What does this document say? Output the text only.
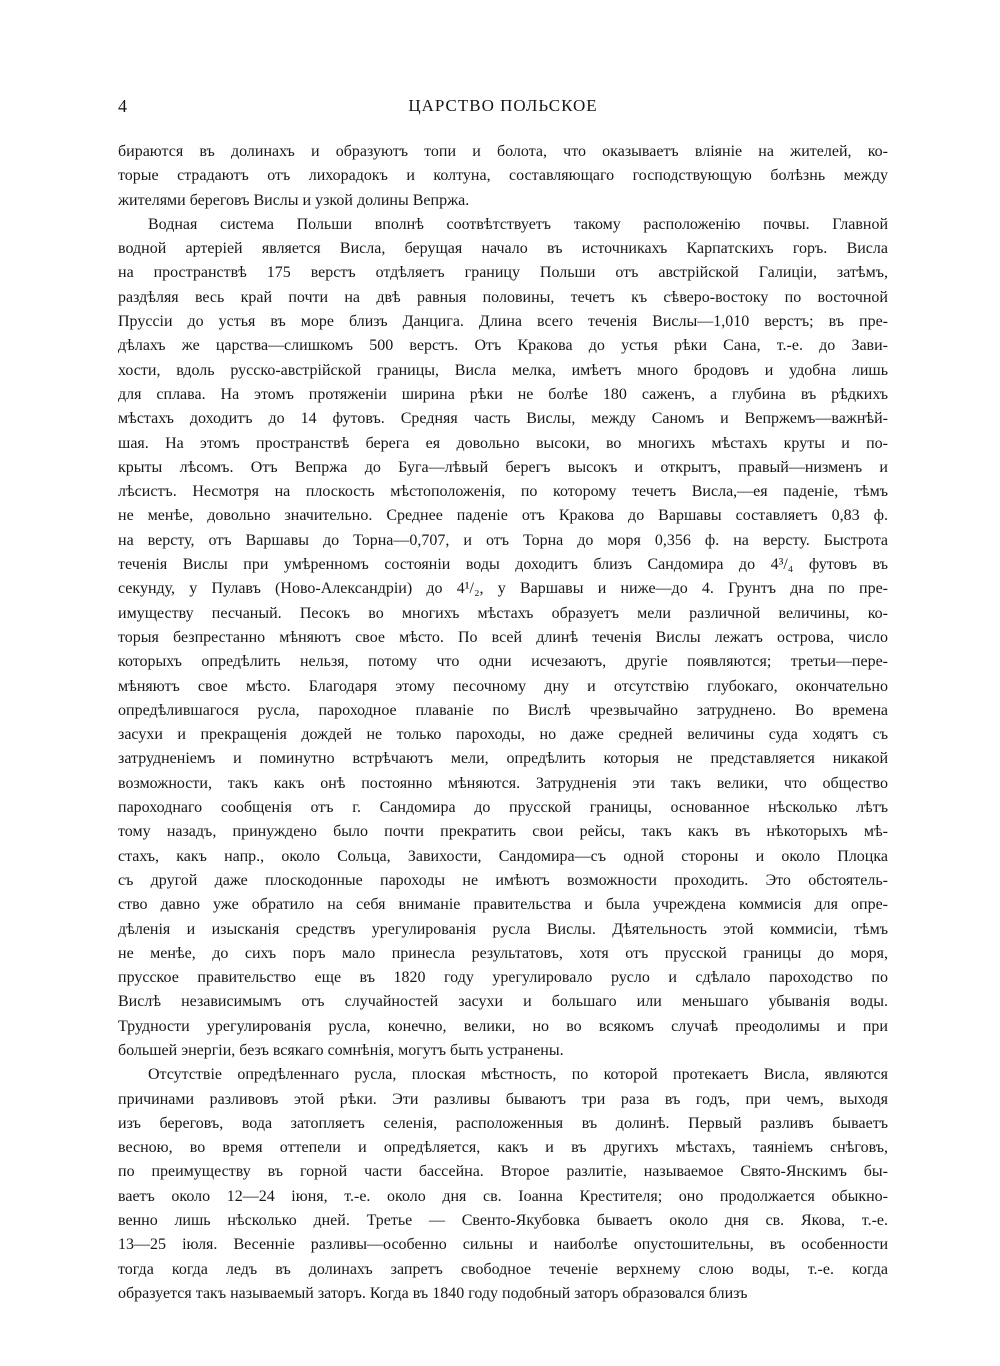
4	ЦАРСТВО ПОЛЬСКОЕ
бираются въ долинахъ и образуютъ топи и болота, что оказываетъ вліяніе на жителей, ко-
торые страдаютъ отъ лихорадокъ и колтуна, составляющаго господствующую болѣзнь между
жителями береговъ Вислы и узкой долины Вепржа.
Водная система Польши вполнѣ соотвѣтствуетъ такому расположенію почвы. Главной
водной артеріей является Висла, берущая начало въ источникахъ Карпатскихъ горъ. Висла
на пространствѣ 175 верстъ отдѣляетъ границу Польши отъ австрійской Галиціи, затѣмъ,
раздѣляя весь край почти на двѣ равныя половины, течетъ къ сѣверо-востоку по восточной
Пруссіи до устья въ море близъ Данцига. Длина всего теченія Вислы—1,010 верстъ; въ пре-
дѣлахъ же царства—слишкомъ 500 верстъ. Отъ Кракова до устья рѣки Сана, т.-е. до Зави-
хости, вдоль русско-австрійской границы, Висла мелка, имѣетъ много бродовъ и удобна лишь
для сплава. На этомъ протяженіи ширина рѣки не болѣе 180 саженъ, а глубина въ рѣдкихъ
мѣстахъ доходитъ до 14 футовъ. Средняя часть Вислы, между Саномъ и Вепржемъ—важнѣй-
шая. На этомъ пространствѣ берега ея довольно высоки, во многихъ мѣстахъ круты и по-
крыты лѣсомъ. Отъ Вепржа до Буга—лѣвый берегъ высокъ и открытъ, правый—низменъ и
лѣсистъ. Несмотря на плоскость мѣстоположенія, по которому течетъ Висла,—ея паденіе, тѣмъ
не менѣе, довольно значительно. Среднее паденіе отъ Кракова до Варшавы составляетъ 0,83 ф.
на версту, отъ Варшавы до Торна—0,707, и отъ Торна до моря 0,356 ф. на версту. Быстрота
теченія Вислы при умѣренномъ состояніи воды доходитъ близъ Сандомира до 4³/₄ футовъ въ
секунду, у Пулавъ (Ново-Александріи) до 4¹/₂, у Варшавы и ниже—до 4. Грунтъ дна по пре-
имуществу песчаный. Песокъ во многихъ мѣстахъ образуетъ мели различной величины, ко-
торыя безпрестанно мѣняютъ свое мѣсто. По всей длинѣ теченія Вислы лежатъ острова, число
которыхъ опредѣлить нельзя, потому что одни исчезаютъ, другіе появляются; третьи—пере-
мѣняютъ свое мѣсто. Благодаря этому песочному дну и отсутствію глубокаго, окончательно
опредѣлившагося русла, пароходное плаваніе по Вислѣ чрезвычайно затруднено. Во времена
засухи и прекращенія дождей не только пароходы, но даже средней величины суда ходятъ съ
затрудненіемъ и поминутно встрѣчаютъ мели, опредѣлить которыя не представляется никакой
возможности, такъ какъ онѣ постоянно мѣняются. Затрудненія эти такъ велики, что общество
пароходнаго сообщенія отъ г. Сандомира до прусской границы, основанное нѣсколько лѣтъ
тому назадъ, принуждено было почти прекратить свои рейсы, такъ какъ въ нѣкоторыхъ мѣ-
стахъ, какъ напр., около Сольца, Завихости, Сандомира—съ одной стороны и около Плоцка
съ другой даже плоскодонные пароходы не имѣютъ возможности проходить. Это обстоятель-
ство давно уже обратило на себя вниманіе правительства и была учреждена коммисія для опре-
дѣленія и изысканія средствъ урегулированія русла Вислы. Дѣятельность этой коммисіи, тѣмъ
не менѣе, до сихъ поръ мало принесла результатовъ, хотя отъ прусской границы до моря,
прусское правительство еще въ 1820 году урегулировало русло и сдѣлало пароходство по
Вислѣ независимымъ отъ случайностей засухи и большаго или меньшаго убыванія воды.
Трудности урегулированія русла, конечно, велики, но во всякомъ случаѣ преодолимы и при
большей энергіи, безъ всякаго сомнѣнія, могутъ быть устранены.
Отсутствіе опредѣленнаго русла, плоская мѣстность, по которой протекаетъ Висла, являются
причинами разливовъ этой рѣки. Эти разливы бываютъ три раза въ годъ, при чемъ, выходя
изъ береговъ, вода затопляетъ селенія, расположенныя въ долинѣ. Первый разливъ бываетъ
весною, во время оттепели и опредѣляется, какъ и въ другихъ мѣстахъ, таяніемъ снѣговъ,
по преимуществу въ горной части бассейна. Второе разлитіе, называемое Свято-Янскимъ бы-
ваетъ около 12—24 іюня, т.-е. около дня св. Іоанна Крестителя; оно продолжается обыкно-
венно лишь нѣсколько дней. Третье — Свенто-Якубовка бываетъ около дня св. Якова, т.-е.
13—25 іюля. Весеннiе разливы—особенно сильны и наиболѣе опустошительны, въ особенности
тогда когда ледъ въ долинахъ запретъ свободное теченіе верхнему слою воды, т.-е. когда
образуется такъ называемый заторъ. Когда въ 1840 году подобный заторъ образовался близъ
